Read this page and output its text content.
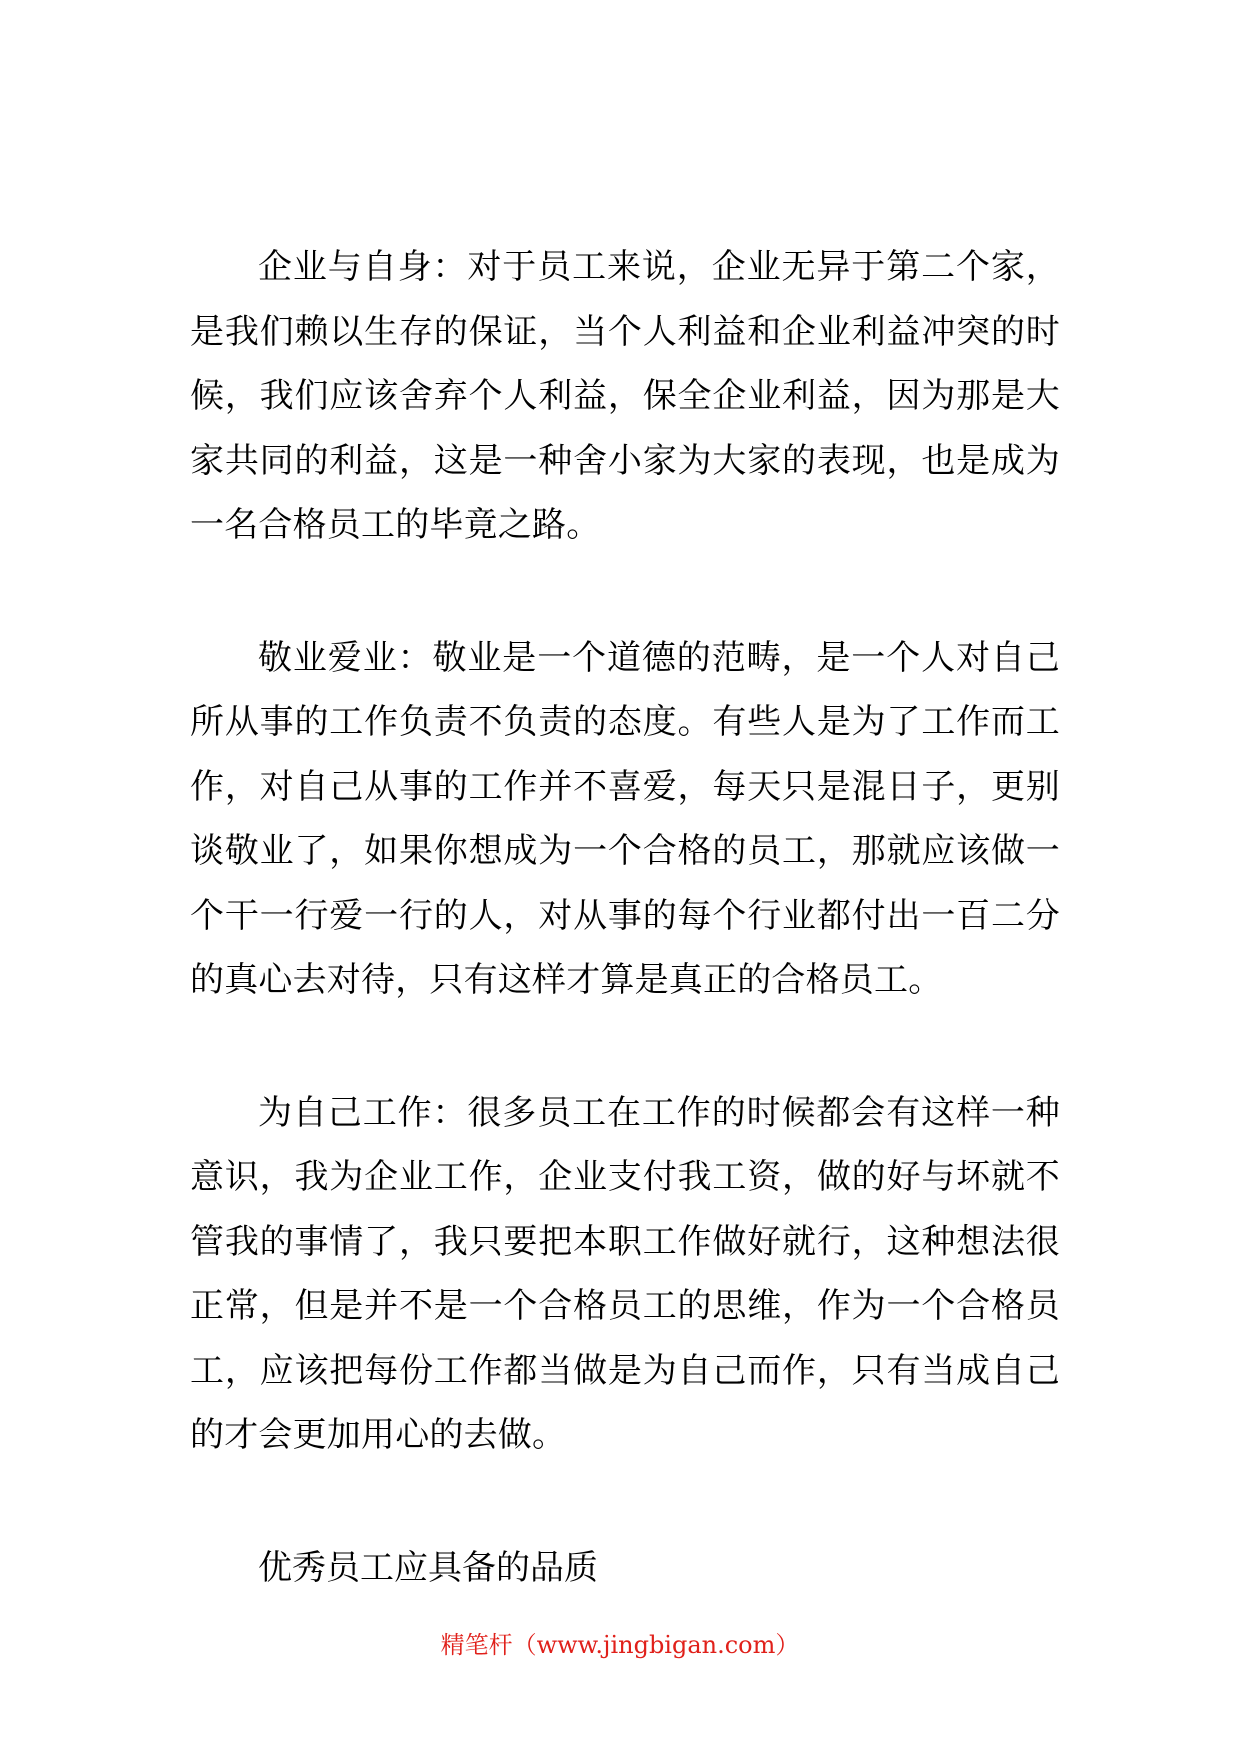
企业与自身：对于员工来说，企业无异于第二个家，是我们赖以生存的保证，当个人利益和企业利益冲突的时候，我们应该舍弃个人利益，保全企业利益，因为那是大家共同的利益，这是一种舍小家为大家的表现，也是成为一名合格员工的毕竟之路。

敬业爱业：敬业是一个道德的范畴，是一个人对自己所从事的工作负责不负责的态度。有些人是为了工作而工作，对自己从事的工作并不喜爱，每天只是混日子，更别谈敬业了，如果你想成为一个合格的员工，那就应该做一个干一行爱一行的人，对从事的每个行业都付出一百二分的真心去对待，只有这样才算是真正的合格员工。

为自己工作：很多员工在工作的时候都会有这样一种意识，我为企业工作，企业支付我工资，做的好与坏就不管我的事情了，我只要把本职工作做好就行，这种想法很正常，但是并不是一个合格员工的思维，作为一个合格员工，应该把每份工作都当做是为自己而作，只有当成自己的才会更加用心的去做。

优秀员工应具备的品质

精笔杆（www.jingbigan.com）
